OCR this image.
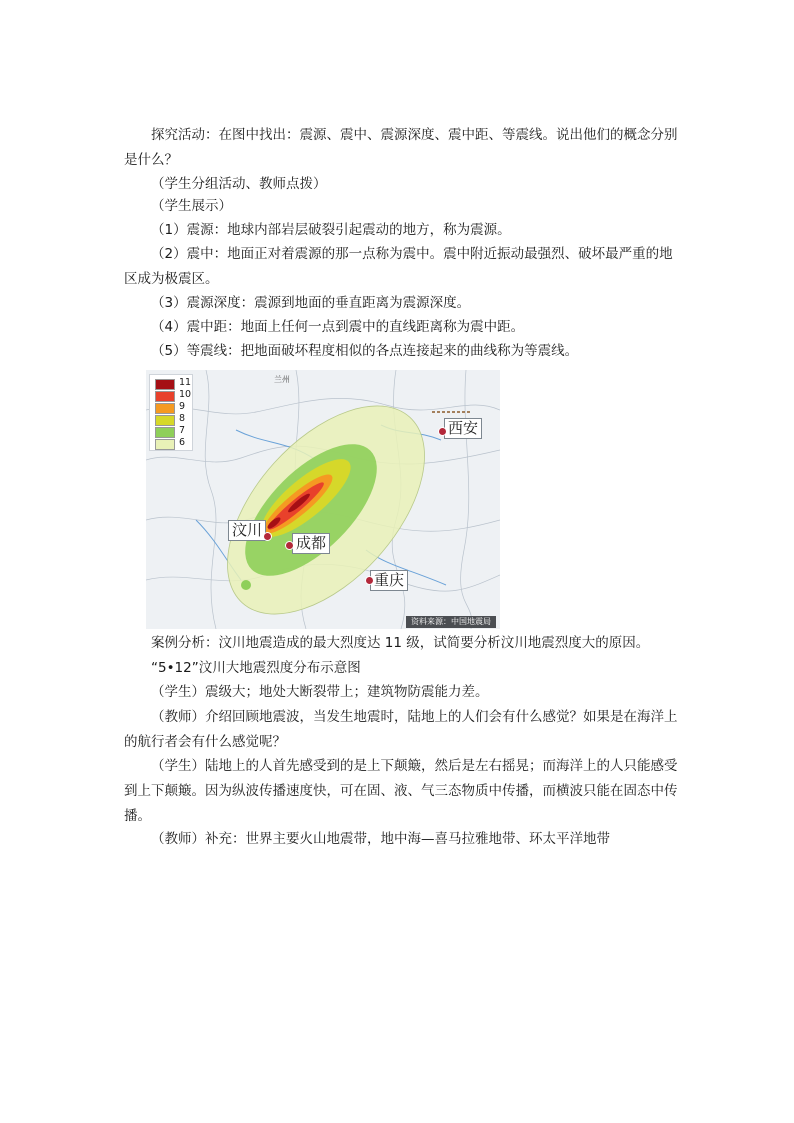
探究活动：在图中找出：震源、震中、震源深度、震中距、等震线。说出他们的概念分别是什么？

（学生分组活动、教师点拨）

（学生展示）

（1）震源：地球内部岩层破裂引起震动的地方，称为震源。

（2）震中：地面正对着震源的那一点称为震中。震中附近振动最强烈、破坏最严重的地区成为极震区。

（3）震源深度：震源到地面的垂直距离为震源深度。

（4）震中距：地面上任何一点到震中的直线距离称为震中距。

（5）等震线：把地面破坏程度相似的各点连接起来的曲线称为等震线。

11
10
9
8
7
6
兰州
汶川
成都
重庆
西安
资料来源：中国地震局

案例分析：汶川地震造成的最大烈度达 11 级，试简要分析汶川地震烈度大的原因。

“5•12”汶川大地震烈度分布示意图

（学生）震级大；地处大断裂带上；建筑物防震能力差。

（教师）介绍回顾地震波，当发生地震时，陆地上的人们会有什么感觉？如果是在海洋上的航行者会有什么感觉呢？

（学生）陆地上的人首先感受到的是上下颠簸，然后是左右摇晃；而海洋上的人只能感受到上下颠簸。因为纵波传播速度快，可在固、液、气三态物质中传播，而横波只能在固态中传播。

（教师）补充：世界主要火山地震带，地中海—喜马拉雅地带、环太平洋地带
